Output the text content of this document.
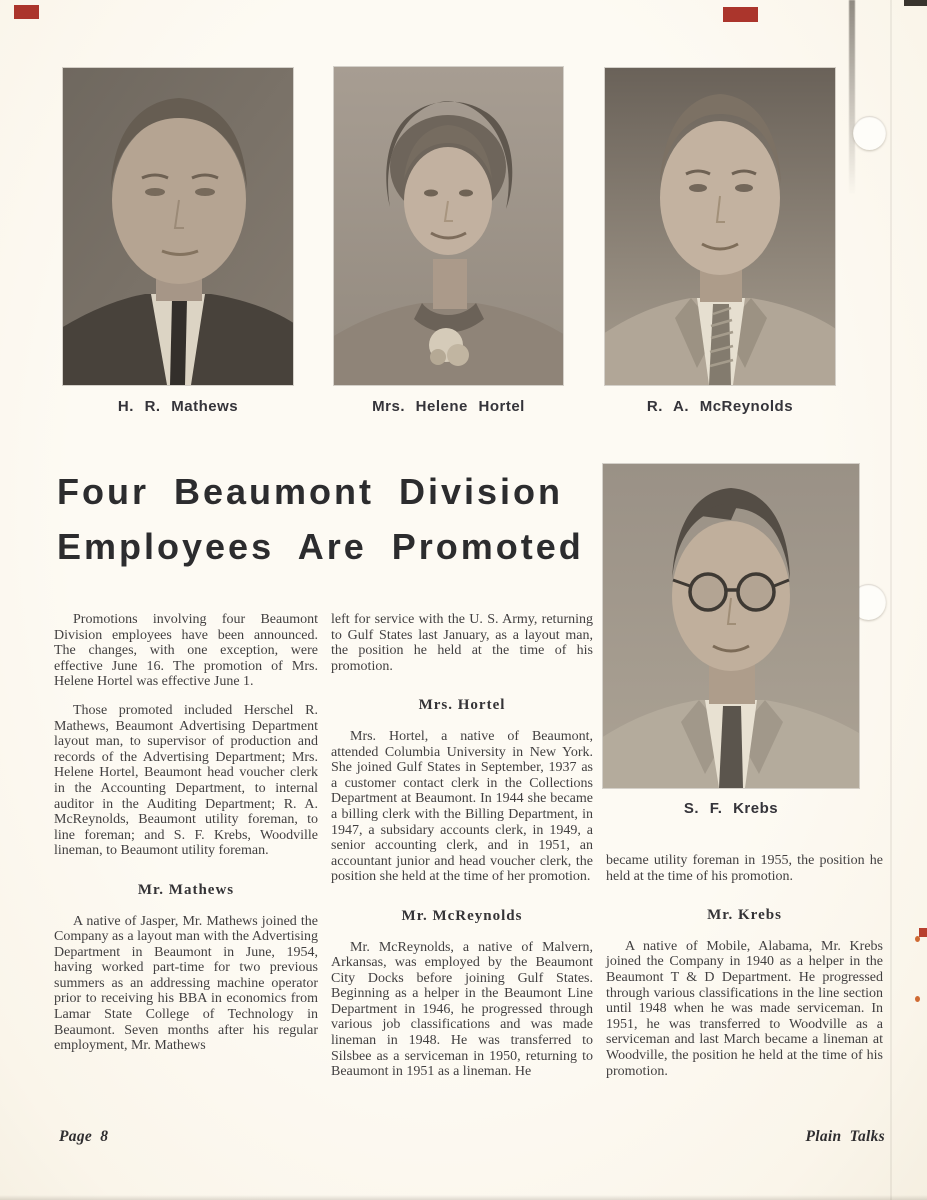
H. R. Mathews	Mrs. Helene Hortel	R. A. McReynolds
S. F. Krebs
Four Beaumont Division
Employees Are Promoted

Promotions involving four Beaumont Division employees have been announced. The changes, with one exception, were effective June 16. The promotion of Mrs. Helene Hortel was effective June 1.

Those promoted included Herschel R. Mathews, Beaumont Advertising Department layout man, to supervisor of production and records of the Advertising Department; Mrs. Helene Hortel, Beaumont head voucher clerk in the Accounting Department, to internal auditor in the Auditing Department; R. A. McReynolds, Beaumont utility foreman, to line foreman; and S. F. Krebs, Woodville lineman, to Beaumont utility foreman.

Mr. Mathews

A native of Jasper, Mr. Mathews joined the Company as a layout man with the Advertising Department in Beaumont in June, 1954, having worked part-time for two previous summers as an addressing machine operator prior to receiving his BBA in economics from Lamar State College of Technology in Beaumont. Seven months after his regular employment, Mr. Mathews

left for service with the U. S. Army, returning to Gulf States last January, as a layout man, the position he held at the time of his promotion.

Mrs. Hortel

Mrs. Hortel, a native of Beaumont, attended Columbia University in New York. She joined Gulf States in September, 1937 as a customer contact clerk in the Collections Department at Beaumont. In 1944 she became a billing clerk with the Billing Department, in 1947, a subsidary accounts clerk, in 1949, a senior accounting clerk, and in 1951, an accountant junior and head voucher clerk, the position she held at the time of her promotion.

Mr. McReynolds

Mr. McReynolds, a native of Malvern, Arkansas, was employed by the Beaumont City Docks before joining Gulf States. Beginning as a helper in the Beaumont Line Department in 1946, he progressed through various job classifications and was made lineman in 1948. He was transferred to Silsbee as a serviceman in 1950, returning to Beaumont in 1951 as a lineman. He

became utility foreman in 1955, the position he held at the time of his promotion.

Mr. Krebs

A native of Mobile, Alabama, Mr. Krebs joined the Company in 1940 as a helper in the Beaumont T & D Department. He progressed through various classifications in the line section until 1948 when he was made serviceman. In 1951, he was transferred to Woodville as a serviceman and last March became a lineman at Woodville, the position he held at the time of his promotion.

Page 8	Plain Talks
